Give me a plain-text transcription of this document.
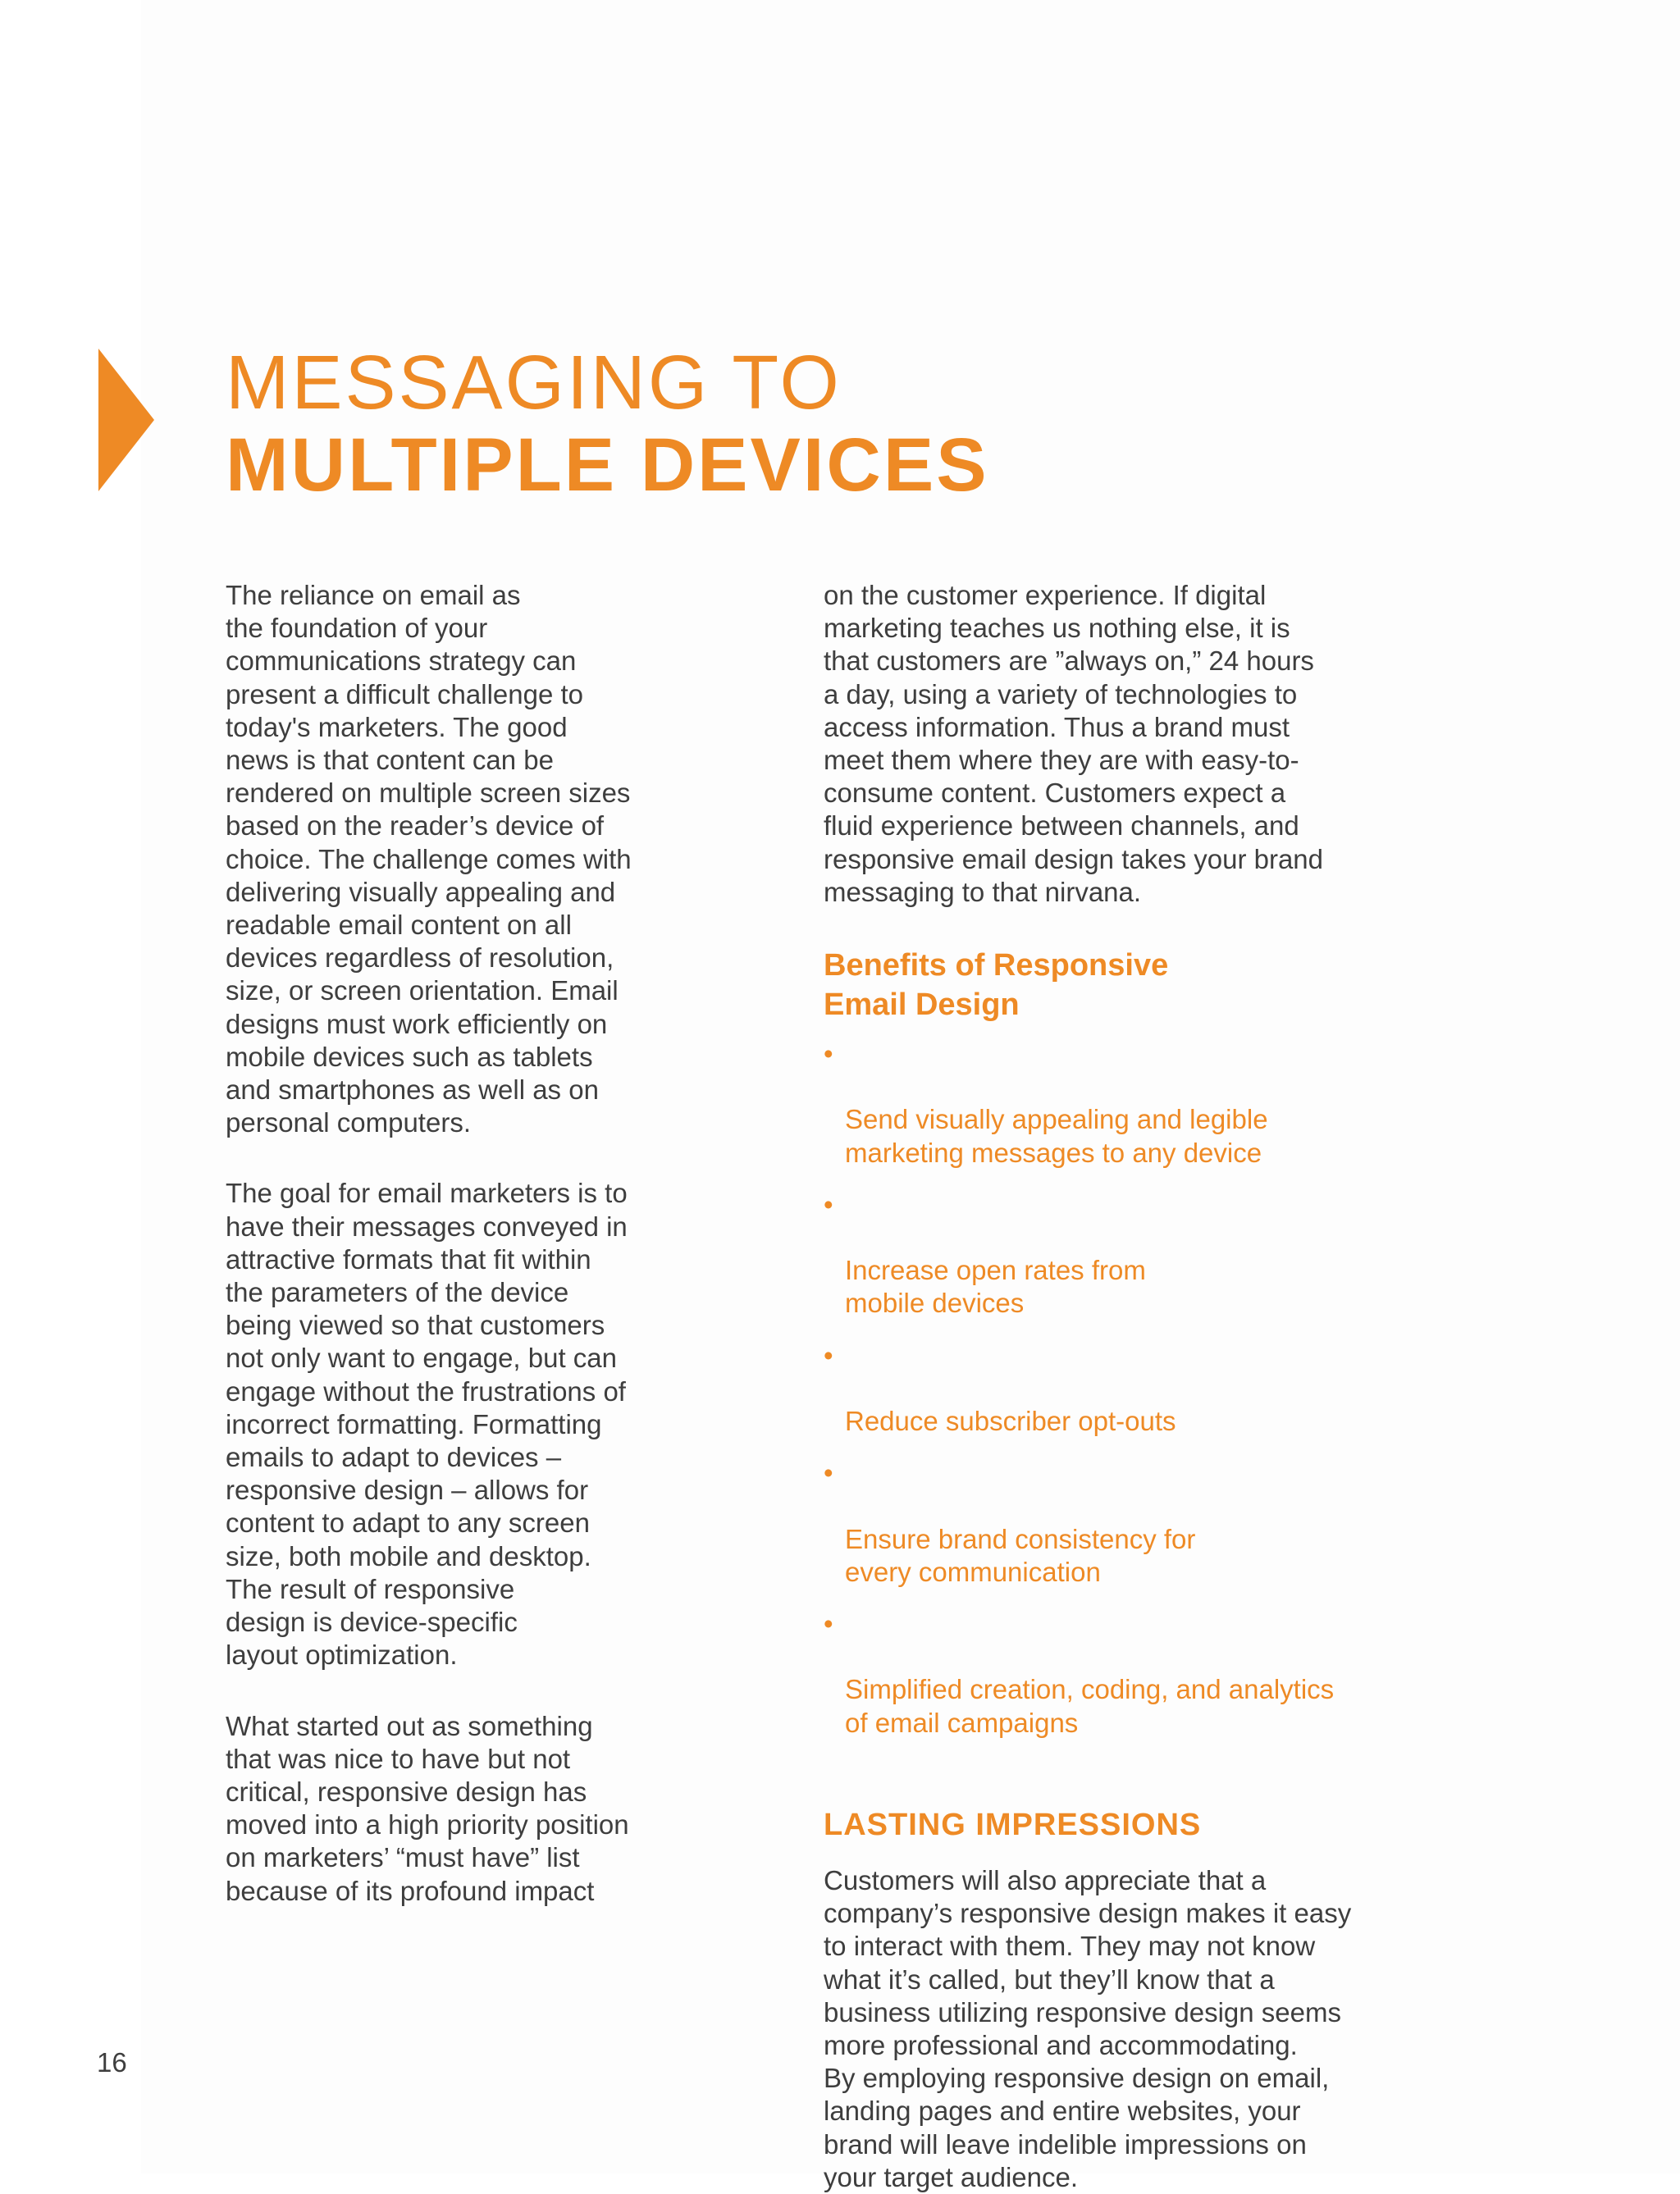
MESSAGING TO
MULTIPLE DEVICES

The reliance on email as
the foundation of your
communications strategy can
present a difficult challenge to
today's marketers. The good
news is that content can be
rendered on multiple screen sizes
based on the reader’s device of
choice. The challenge comes with
delivering visually appealing and
readable email content on all
devices regardless of resolution,
size, or screen orientation. Email
designs must work efficiently on
mobile devices such as tablets
and smartphones as well as on
personal computers.

The goal for email marketers is to
have their messages conveyed in
attractive formats that fit within
the parameters of the device
being viewed so that customers
not only want to engage, but can
engage without the frustrations of
incorrect formatting. Formatting
emails to adapt to devices –
responsive design – allows for
content to adapt to any screen
size, both mobile and desktop.
The result of responsive
design is device-specific
layout optimization.

What started out as something
that was nice to have but not
critical, responsive design has
moved into a high priority position
on marketers’ “must have” list
because of its profound impact

on the customer experience. If digital
marketing teaches us nothing else, it is
that customers are ”always on,” 24 hours
a day, using a variety of technologies to
access information. Thus a brand must
meet them where they are with easy-to-
consume content. Customers expect a
fluid experience between channels, and
responsive email design takes your brand
messaging to that nirvana.

Benefits of Responsive
Email Design

•

Send visually appealing and legible
marketing messages to any device

•

Increase open rates from
mobile devices

•

Reduce subscriber opt-outs

•

Ensure brand consistency for
every communication

•

Simplified creation, coding, and analytics
of email campaigns

LASTING IMPRESSIONS

Customers will also appreciate that a
company’s responsive design makes it easy
to interact with them. They may not know
what it’s called, but they’ll know that a
business utilizing responsive design seems
more professional and accommodating.
By employing responsive design on email,
landing pages and entire websites, your
brand will leave indelible impressions on
your target audience.

16
